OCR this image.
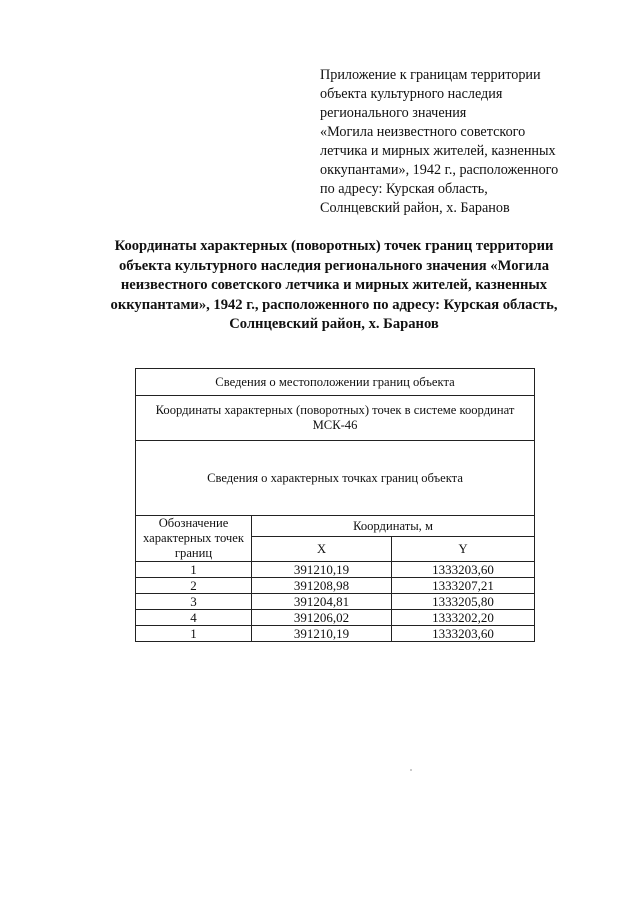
Приложение к границам территории
объекта культурного наследия
регионального значения
«Могила неизвестного советского
летчика и мирных жителей, казненных
оккупантами», 1942 г., расположенного
по адресу: Курская область,
Солнцевский район, х. Баранов
Координаты характерных (поворотных) точек границ территории
объекта культурного наследия регионального значения «Могила
неизвестного советского летчика и мирных жителей, казненных
оккупантами», 1942 г., расположенного по адресу: Курская область,
Солнцевский район, х. Баранов
Сведения о местоположении границ объекта		
Координаты характерных (поворотных) точек в системе координат МСК-46		
Сведения о характерных точках границ объекта		
Обозначение характерных точек границ	Координаты, м	
	X	Y
1	391210,19	1333203,60
2	391208,98	1333207,21
3	391204,81	1333205,80
4	391206,02	1333202,20
1	391210,19	1333203,60
